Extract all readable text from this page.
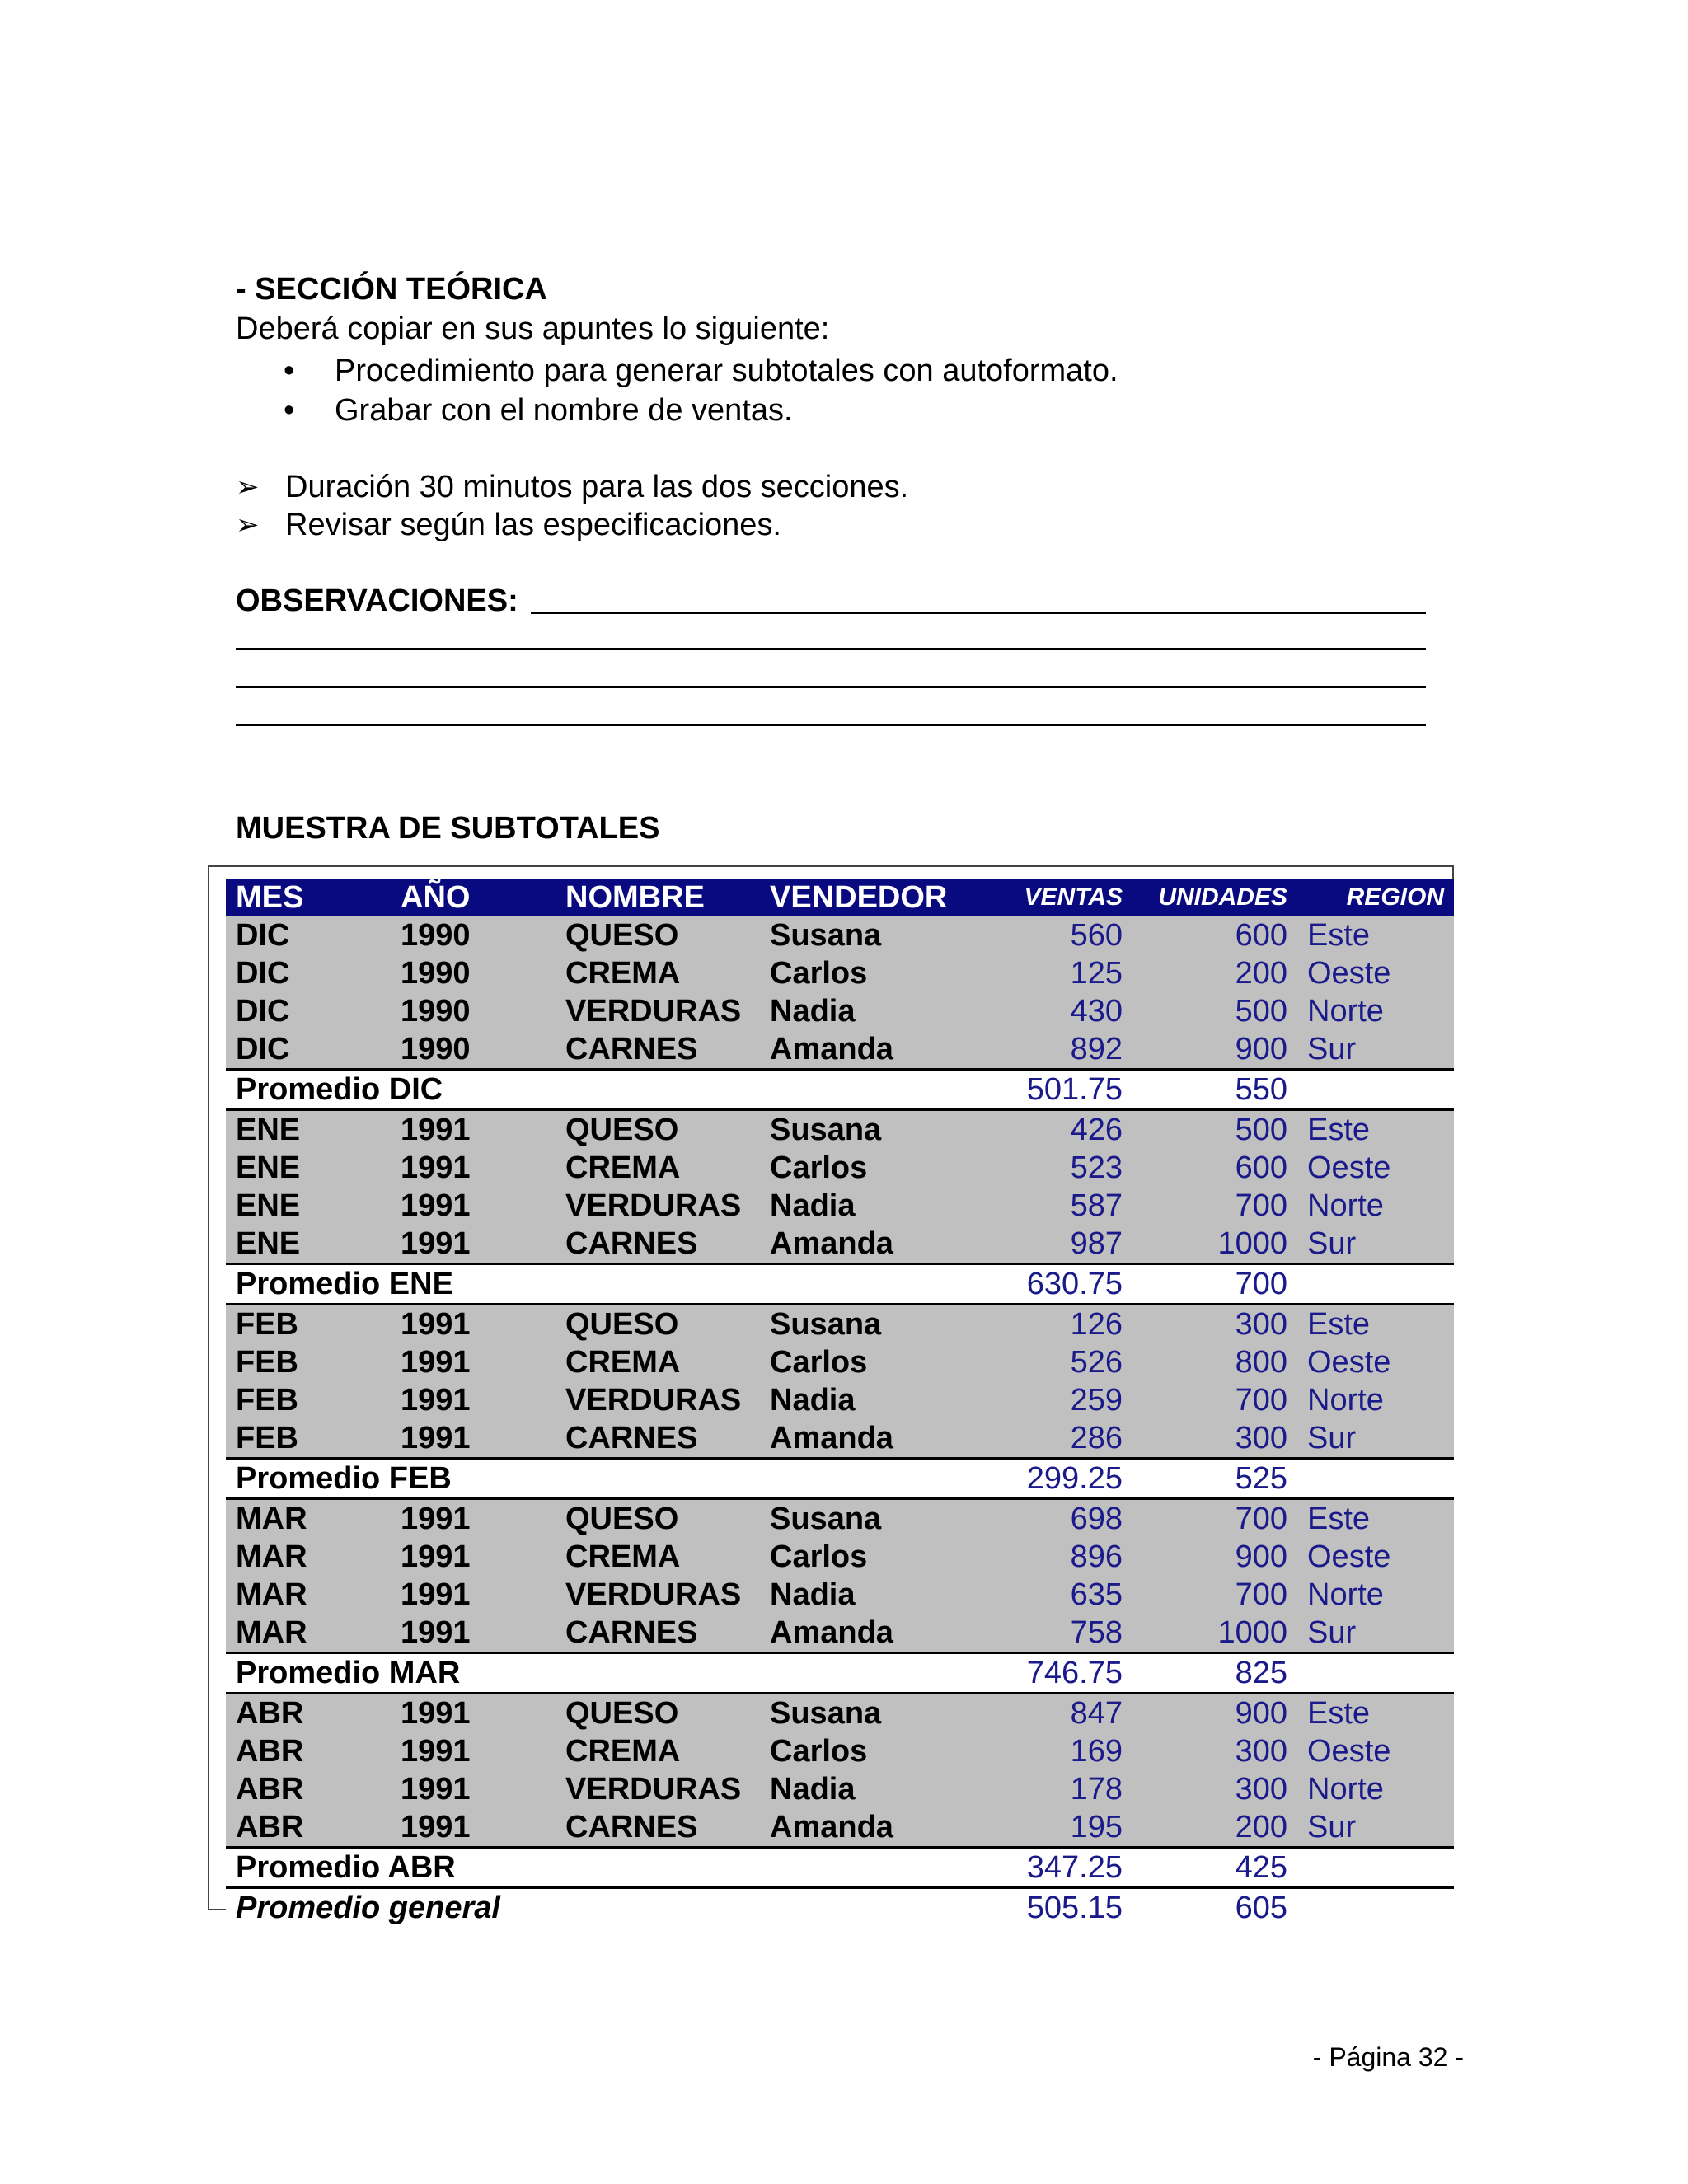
- SECCIÓN TEÓRICA
Deberá copiar en sus apuntes lo siguiente:
• Procedimiento para generar subtotales con autoformato.
• Grabar con el nombre de ventas.
➢ Duración 30 minutos para las dos secciones.
➢ Revisar según las especificaciones.
OBSERVACIONES:
MUESTRA DE SUBTOTALES
MES	AÑO	NOMBRE	VENDEDOR	VENTAS	UNIDADES	REGION
DIC	1990	QUESO	Susana	560	600	Este
DIC	1990	CREMA	Carlos	125	200	Oeste
DIC	1990	VERDURAS	Nadia	430	500	Norte
DIC	1990	CARNES	Amanda	892	900	Sur
Promedio DIC				501.75	550	
ENE	1991	QUESO	Susana	426	500	Este
ENE	1991	CREMA	Carlos	523	600	Oeste
ENE	1991	VERDURAS	Nadia	587	700	Norte
ENE	1991	CARNES	Amanda	987	1000	Sur
Promedio ENE				630.75	700	
FEB	1991	QUESO	Susana	126	300	Este
FEB	1991	CREMA	Carlos	526	800	Oeste
FEB	1991	VERDURAS	Nadia	259	700	Norte
FEB	1991	CARNES	Amanda	286	300	Sur
Promedio FEB				299.25	525	
MAR	1991	QUESO	Susana	698	700	Este
MAR	1991	CREMA	Carlos	896	900	Oeste
MAR	1991	VERDURAS	Nadia	635	700	Norte
MAR	1991	CARNES	Amanda	758	1000	Sur
Promedio MAR				746.75	825	
ABR	1991	QUESO	Susana	847	900	Este
ABR	1991	CREMA	Carlos	169	300	Oeste
ABR	1991	VERDURAS	Nadia	178	300	Norte
ABR	1991	CARNES	Amanda	195	200	Sur
Promedio ABR				347.25	425	
Promedio general				505.15	605	
- Página 32 -
